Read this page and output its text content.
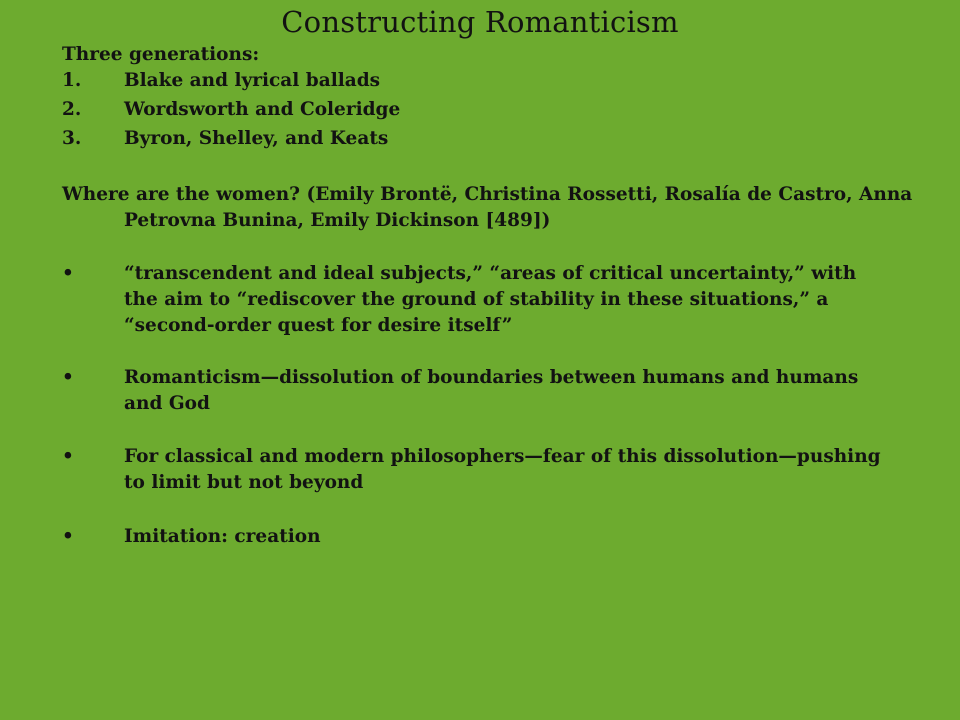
Constructing Romanticism

Three generations:

1.	Blake and lyrical ballads
2.	Wordsworth and Coleridge
3.	Byron, Shelley, and Keats

Where are the women? (Emily Brontë, Christina Rossetti, Rosalía de Castro, Anna Petrovna Bunina, Emily Dickinson [489])

•	“transcendent and ideal subjects,” “areas of critical uncertainty,” with the aim to “rediscover the ground of stability in these situations,” a “second-order quest for desire itself”
•	Romanticism—dissolution of boundaries between humans and humans and God
•	For classical and modern philosophers—fear of this dissolution—pushing to limit but not beyond
•	Imitation: creation
